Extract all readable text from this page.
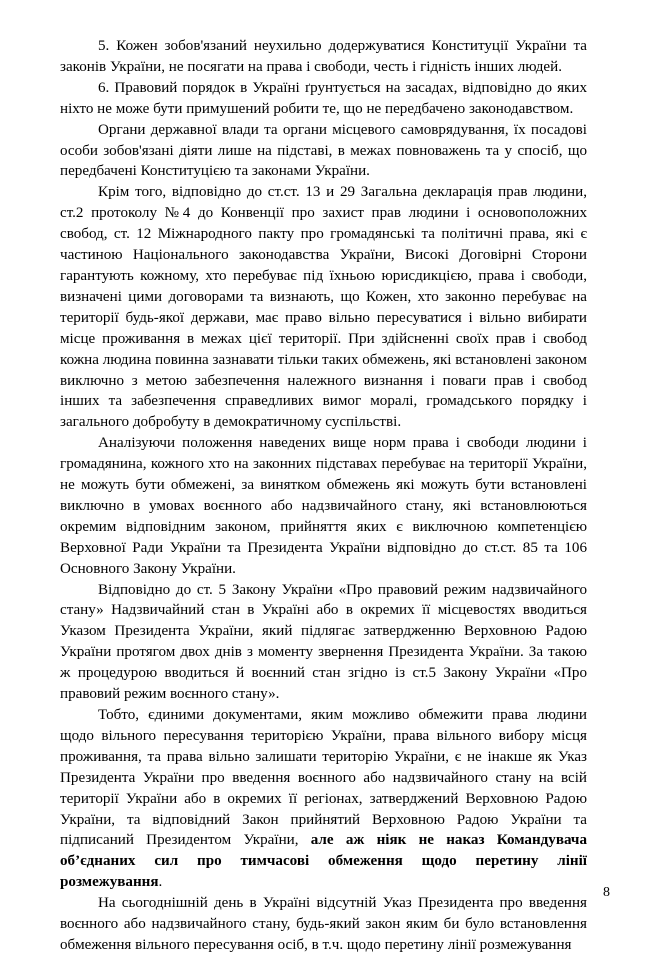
5. Кожен зобов'язаний неухильно додержуватися Конституції України та законів України, не посягати на права і свободи, честь і гідність інших людей.

6. Правовий порядок в Україні ґрунтується на засадах, відповідно до яких ніхто не може бути примушений робити те, що не передбачено законодавством.

Органи державної влади та органи місцевого самоврядування, їх посадові особи зобов'язані діяти лише на підставі, в межах повноважень та у спосіб, що передбачені Конституцією та законами України.

Крім того, відповідно до ст.ст. 13 и 29 Загальна декларація прав людини, ст.2 протоколу №4 до Конвенції про захист прав людини і основоположних свобод, ст. 12 Міжнародного пакту про громадянські та політичні права, які є частиною Національного законодавства України, Високі Договірні Сторони гарантують кожному, хто перебуває під їхньою юрисдикцією, права і свободи, визначені цими договорами та визнають, що Кожен, хто законно перебуває на території будь-якої держави, має право вільно пересуватися і вільно вибирати місце проживання в межах цієї території. При здійсненні своїх прав і свобод кожна людина повинна зазнавати тільки таких обмежень, які встановлені законом виключно з метою забезпечення належного визнання і поваги прав і свобод інших та забезпечення справедливих вимог моралі, громадського порядку і загального добробуту в демократичному суспільстві.

Аналізуючи положення наведених вище норм права і свободи людини і громадянина, кожного хто на законних підставах перебуває на території України, не можуть бути обмежені, за винятком обмежень які можуть бути встановлені виключно в умовах воєнного або надзвичайного стану, які встановлюються окремим відповідним законом, прийняття яких є виключною компетенцією Верховної Ради України та Президента України відповідно до ст.ст. 85 та 106 Основного Закону України.

Відповідно до ст. 5 Закону України «Про правовий режим надзвичайного стану» Надзвичайний стан в Україні або в окремих її місцевостях вводиться Указом Президента України, який підлягає затвердженню Верховною Радою України протягом двох днів з моменту звернення Президента України. За такою ж процедурою вводиться й воєнний стан згідно із ст.5 Закону України «Про правовий режим воєнного стану».

Тобто, єдиними документами, яким можливо обмежити права людини щодо вільного пересування територією України, права вільного вибору місця проживання, та права вільно залишати територію України, є не інакше як Указ Президента України про введення воєнного або надзвичайного стану на всій території України або в окремих її регіонах, затверджений Верховною Радою України, та відповідний Закон прийнятий Верховною Радою України та підписаний Президентом України, але аж ніяк не наказ Командувача об’єднаних сил про тимчасові обмеження щодо перетину лінії розмежування.

На сьогоднішній день в Україні відсутній Указ Президента про введення воєнного або надзвичайного стану, будь-який закон яким би було встановлення обмеження вільного пересування осіб, в т.ч. щодо перетину лінії розмежування

8
